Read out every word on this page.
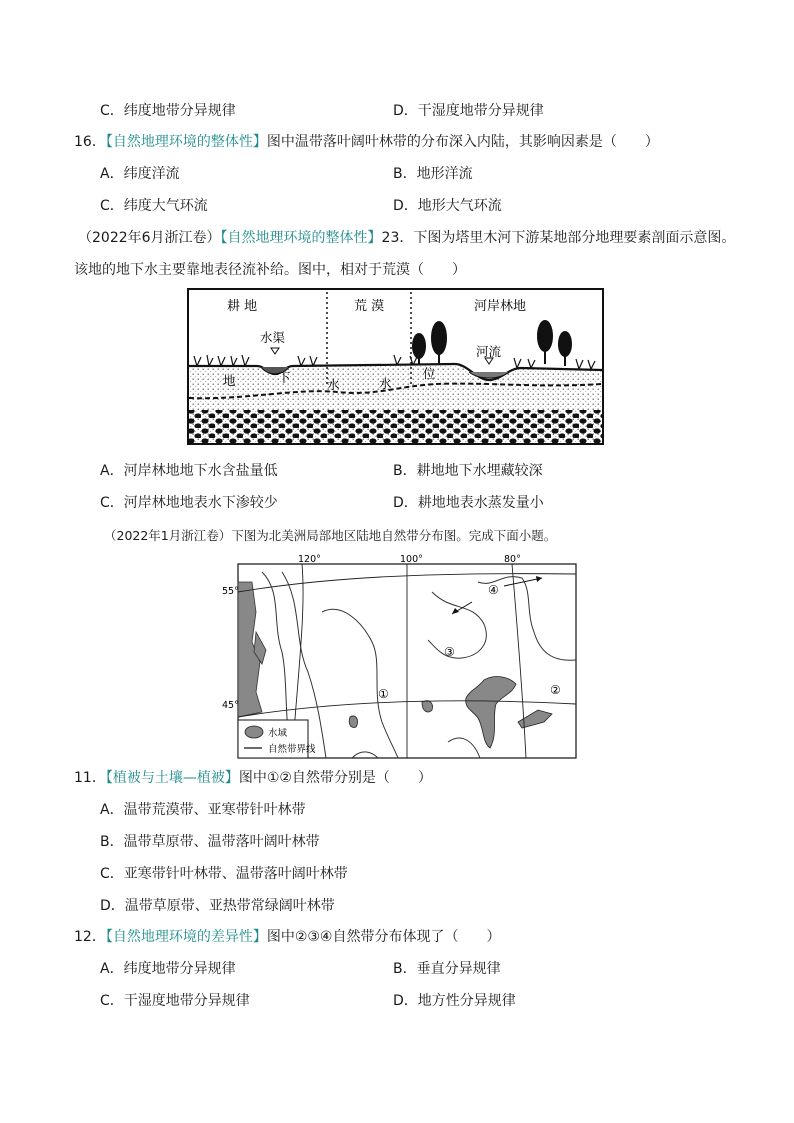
C．纬度地带分异规律	D．干湿度地带分异规律
16．【自然地理环境的整体性】图中温带落叶阔叶林带的分布深入内陆，其影响因素是（　　）
A．纬度洋流	B．地形洋流
C．纬度大气环流	D．地形大气环流
（2022年6月浙江卷）【自然地理环境的整体性】23．下图为塔里木河下游某地部分地理要素剖面示意图。
该地的地下水主要靠地表径流补给。图中，相对于荒漠（　　）
耕 地	荒 漠	河岸林地
水渠
河流
地	下	水	水
位
A．河岸林地地下水含盐量低	B．耕地地下水埋藏较深
C．河岸林地地表水下渗较少	D．耕地地表水蒸发量小
（2022年1月浙江卷）下图为北美洲局部地区陆地自然带分布图。完成下面小题。
水域
自然带界线
120°	100°	80°
55°
45°
①	②
③
④
11．【植被与土壤—植被】图中①②自然带分别是（　　）
A．温带荒漠带、亚寒带针叶林带
B．温带草原带、温带落叶阔叶林带
C．亚寒带针叶林带、温带落叶阔叶林带
D．温带草原带、亚热带常绿阔叶林带
12．【自然地理环境的差异性】图中②③④自然带分布体现了（　　）
A．纬度地带分异规律	B．垂直分异规律
C．干湿度地带分异规律	D．地方性分异规律
